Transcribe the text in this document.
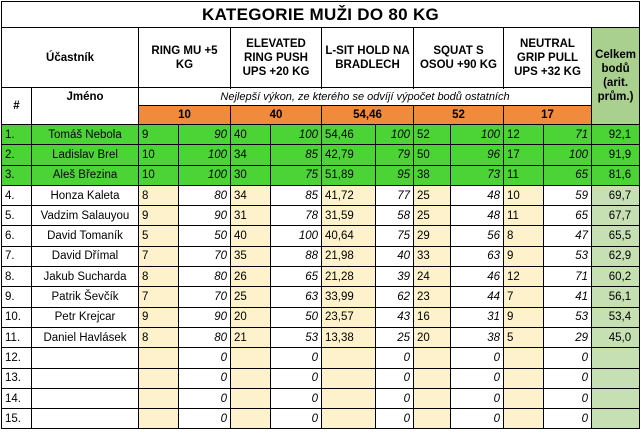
KATEGORIE MUŽI DO 80 KG												
Účastník		RING MU +5 KG		ELEVATED RING PUSH UPS +20 KG		L-SIT HOLD NA BRADLECH		SQUAT S OSOU +90 KG		NEUTRAL GRIP PULL UPS +32 KG		Celkem bodů (arit. prům.)

#	Jméno	Nejlepší výkon, ze kterého se odvíjí výpočet bodů ostatních										
		10		40		54,46		52		17		
1.	Tomáš Nebola	9	90	40	100	54,46	100	52	100	12	71	92,1
2.	Ladislav Brel	10	100	34	85	42,79	79	50	96	17	100	91,9
3.	Aleš Březina	10	100	30	75	51,89	95	38	73	11	65	81,6
4.	Honza Kaleta	8	80	34	85	41,72	77	25	48	10	59	69,7
5.	Vadzim Salauyou	9	90	31	78	31,59	58	25	48	11	65	67,7
6.	David Tomaník	5	50	40	100	40,64	75	29	56	8	47	65,5
7.	David Dřímal	7	70	35	88	21,98	40	33	63	9	53	62,9
8.	Jakub Sucharda	8	80	26	65	21,28	39	24	46	12	71	60,2
9.	Patrik Ševčík	7	70	25	63	33,99	62	23	44	7	41	56,1
10.	Petr Krejcar	9	90	20	50	23,57	43	16	31	9	53	53,4
11.	Daniel Havlásek	8	80	21	53	13,38	25	20	38	5	29	45,0
12.			0		0		0		0		0	
13.			0		0		0		0		0	
14.			0		0		0		0		0	
15.			0		0		0		0		0	
